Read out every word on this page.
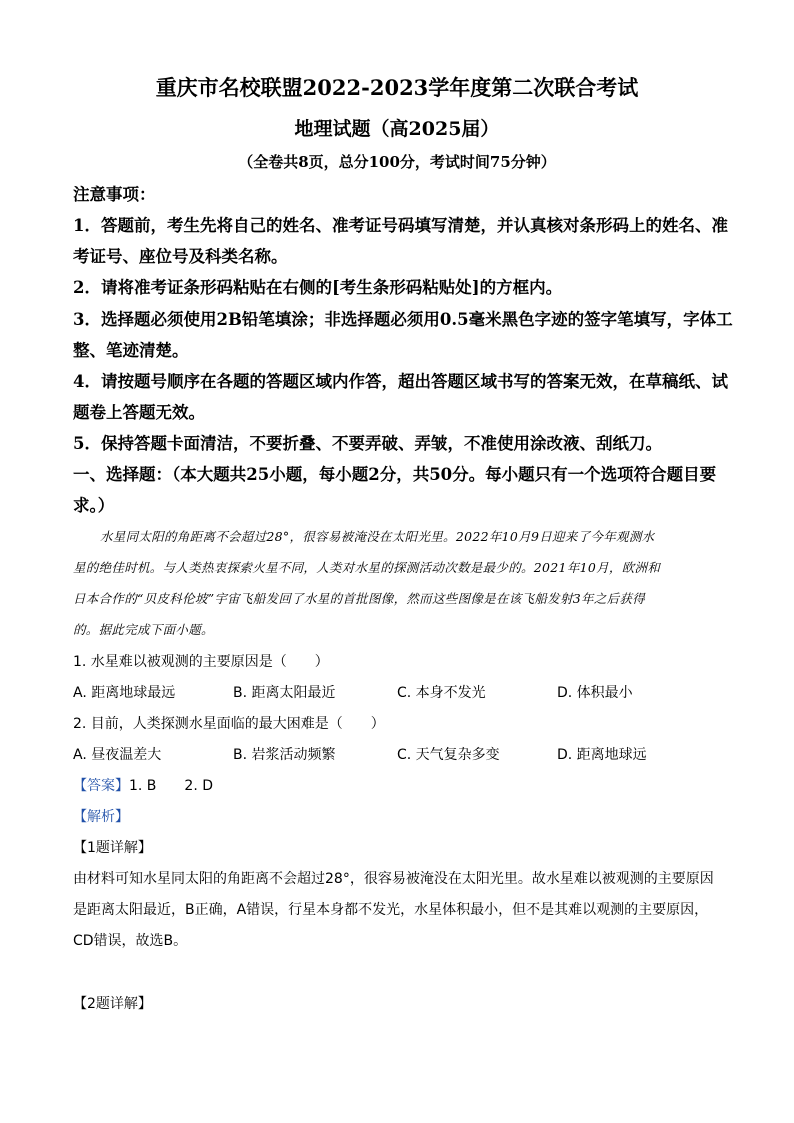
重庆市名校联盟2022-2023学年度第二次联合考试
地理试题（高2025届）
（全卷共8页，总分100分，考试时间75分钟）
注意事项：
1．答题前，考生先将自己的姓名、准考证号码填写清楚，并认真核对条形码上的姓名、准
考证号、座位号及科类名称。
2．请将准考证条形码粘贴在右侧的[考生条形码粘贴处]的方框内。
3．选择题必须使用2B铅笔填涂；非选择题必须用0.5毫米黑色字迹的签字笔填写，字体工
整、笔迹清楚。
4．请按题号顺序在各题的答题区域内作答，超出答题区域书写的答案无效，在草稿纸、试
题卷上答题无效。
5．保持答题卡面清洁，不要折叠、不要弄破、弄皱，不准使用涂改液、刮纸刀。
一、选择题：（本大题共25小题，每小题2分，共50分。每小题只有一个选项符合题目要
求。）
水星同太阳的角距离不会超过28°，很容易被淹没在太阳光里。2022年10月9日迎来了今年观测水
星的绝佳时机。与人类热衷探索火星不同，人类对水星的探测活动次数是最少的。2021年10月，欧洲和
日本合作的“贝皮科伦坡”宇宙飞船发回了水星的首批图像，然而这些图像是在该飞船发射3年之后获得
的。据此完成下面小题。
1. 水星难以被观测的主要原因是（　　）
A. 距离地球最远	B. 距离太阳最近	C. 本身不发光	D. 体积最小
2. 目前，人类探测水星面临的最大困难是（　　）
A. 昼夜温差大	B. 岩浆活动频繁	C. 天气复杂多变	D. 距离地球远
【答案】1. B　　2. D
【解析】
【1题详解】
由材料可知水星同太阳的角距离不会超过28°，很容易被淹没在太阳光里。故水星难以被观测的主要原因
是距离太阳最近，B正确，A错误，行星本身都不发光，水星体积最小，但不是其难以观测的主要原因，
CD错误，故选B。
【2题详解】
